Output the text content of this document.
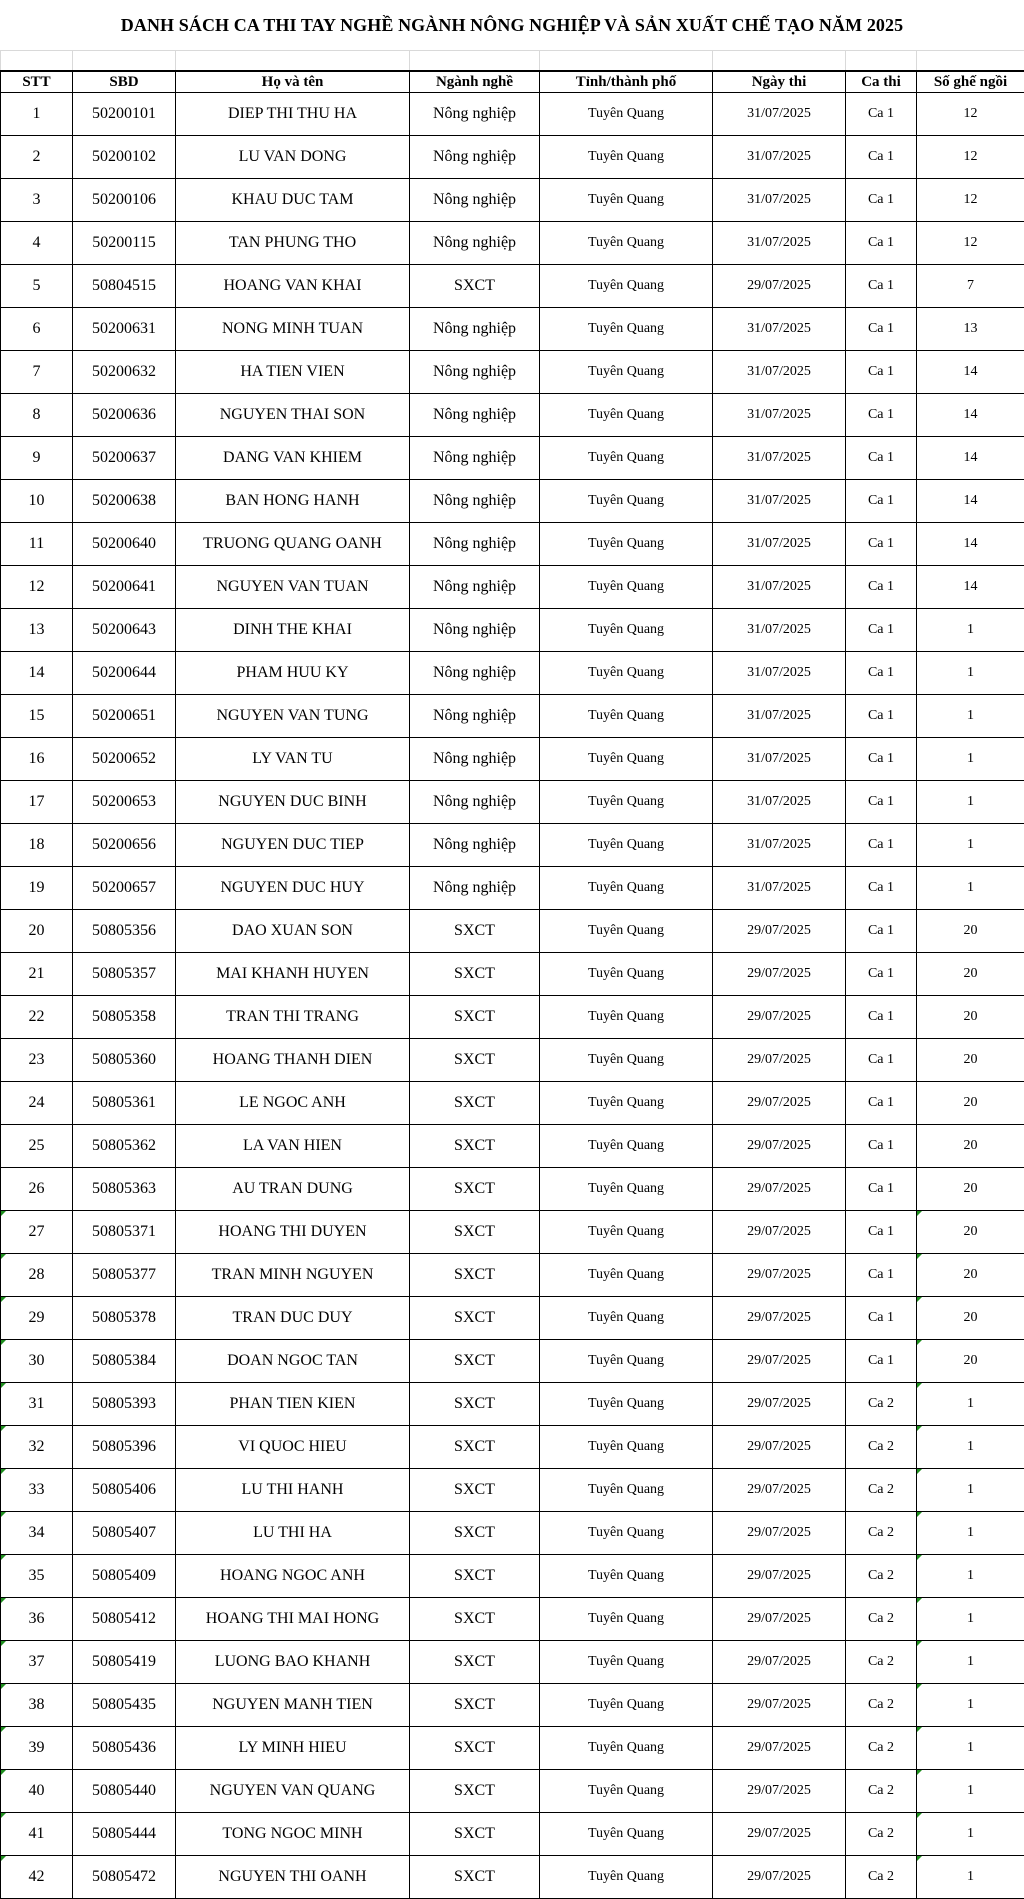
DANH SÁCH CA THI TAY NGHỀ NGÀNH NÔNG NGHIỆP VÀ SẢN XUẤT CHẾ TẠO NĂM 2025

STT	SBD	Họ và tên	Ngành nghề	Tỉnh/thành phố	Ngày thi	Ca thi	Số ghế ngồi
1	50200101	DIEP THI THU HA	Nông nghiệp	Tuyên Quang	31/07/2025	Ca 1	12
2	50200102	LU VAN DONG	Nông nghiệp	Tuyên Quang	31/07/2025	Ca 1	12
3	50200106	KHAU DUC TAM	Nông nghiệp	Tuyên Quang	31/07/2025	Ca 1	12
4	50200115	TAN PHUNG THO	Nông nghiệp	Tuyên Quang	31/07/2025	Ca 1	12
5	50804515	HOANG VAN KHAI	SXCT	Tuyên Quang	29/07/2025	Ca 1	7
6	50200631	NONG MINH TUAN	Nông nghiệp	Tuyên Quang	31/07/2025	Ca 1	13
7	50200632	HA TIEN VIEN	Nông nghiệp	Tuyên Quang	31/07/2025	Ca 1	14
8	50200636	NGUYEN THAI SON	Nông nghiệp	Tuyên Quang	31/07/2025	Ca 1	14
9	50200637	DANG VAN KHIEM	Nông nghiệp	Tuyên Quang	31/07/2025	Ca 1	14
10	50200638	BAN HONG HANH	Nông nghiệp	Tuyên Quang	31/07/2025	Ca 1	14
11	50200640	TRUONG QUANG OANH	Nông nghiệp	Tuyên Quang	31/07/2025	Ca 1	14
12	50200641	NGUYEN VAN TUAN	Nông nghiệp	Tuyên Quang	31/07/2025	Ca 1	14
13	50200643	DINH THE KHAI	Nông nghiệp	Tuyên Quang	31/07/2025	Ca 1	1
14	50200644	PHAM HUU KY	Nông nghiệp	Tuyên Quang	31/07/2025	Ca 1	1
15	50200651	NGUYEN VAN TUNG	Nông nghiệp	Tuyên Quang	31/07/2025	Ca 1	1
16	50200652	LY VAN TU	Nông nghiệp	Tuyên Quang	31/07/2025	Ca 1	1
17	50200653	NGUYEN DUC BINH	Nông nghiệp	Tuyên Quang	31/07/2025	Ca 1	1
18	50200656	NGUYEN DUC TIEP	Nông nghiệp	Tuyên Quang	31/07/2025	Ca 1	1
19	50200657	NGUYEN DUC HUY	Nông nghiệp	Tuyên Quang	31/07/2025	Ca 1	1
20	50805356	DAO XUAN SON	SXCT	Tuyên Quang	29/07/2025	Ca 1	20
21	50805357	MAI KHANH HUYEN	SXCT	Tuyên Quang	29/07/2025	Ca 1	20
22	50805358	TRAN THI TRANG	SXCT	Tuyên Quang	29/07/2025	Ca 1	20
23	50805360	HOANG THANH DIEN	SXCT	Tuyên Quang	29/07/2025	Ca 1	20
24	50805361	LE NGOC ANH	SXCT	Tuyên Quang	29/07/2025	Ca 1	20
25	50805362	LA VAN HIEN	SXCT	Tuyên Quang	29/07/2025	Ca 1	20
26	50805363	AU TRAN DUNG	SXCT	Tuyên Quang	29/07/2025	Ca 1	20
27	50805371	HOANG THI DUYEN	SXCT	Tuyên Quang	29/07/2025	Ca 1	20
28	50805377	TRAN MINH NGUYEN	SXCT	Tuyên Quang	29/07/2025	Ca 1	20
29	50805378	TRAN DUC DUY	SXCT	Tuyên Quang	29/07/2025	Ca 1	20
30	50805384	DOAN NGOC TAN	SXCT	Tuyên Quang	29/07/2025	Ca 1	20
31	50805393	PHAN TIEN KIEN	SXCT	Tuyên Quang	29/07/2025	Ca 2	1
32	50805396	VI QUOC HIEU	SXCT	Tuyên Quang	29/07/2025	Ca 2	1
33	50805406	LU THI HANH	SXCT	Tuyên Quang	29/07/2025	Ca 2	1
34	50805407	LU THI HA	SXCT	Tuyên Quang	29/07/2025	Ca 2	1
35	50805409	HOANG NGOC ANH	SXCT	Tuyên Quang	29/07/2025	Ca 2	1
36	50805412	HOANG THI MAI HONG	SXCT	Tuyên Quang	29/07/2025	Ca 2	1
37	50805419	LUONG BAO KHANH	SXCT	Tuyên Quang	29/07/2025	Ca 2	1
38	50805435	NGUYEN MANH TIEN	SXCT	Tuyên Quang	29/07/2025	Ca 2	1
39	50805436	LY MINH HIEU	SXCT	Tuyên Quang	29/07/2025	Ca 2	1
40	50805440	NGUYEN VAN QUANG	SXCT	Tuyên Quang	29/07/2025	Ca 2	1
41	50805444	TONG NGOC MINH	SXCT	Tuyên Quang	29/07/2025	Ca 2	1
42	50805472	NGUYEN THI OANH	SXCT	Tuyên Quang	29/07/2025	Ca 2	1
